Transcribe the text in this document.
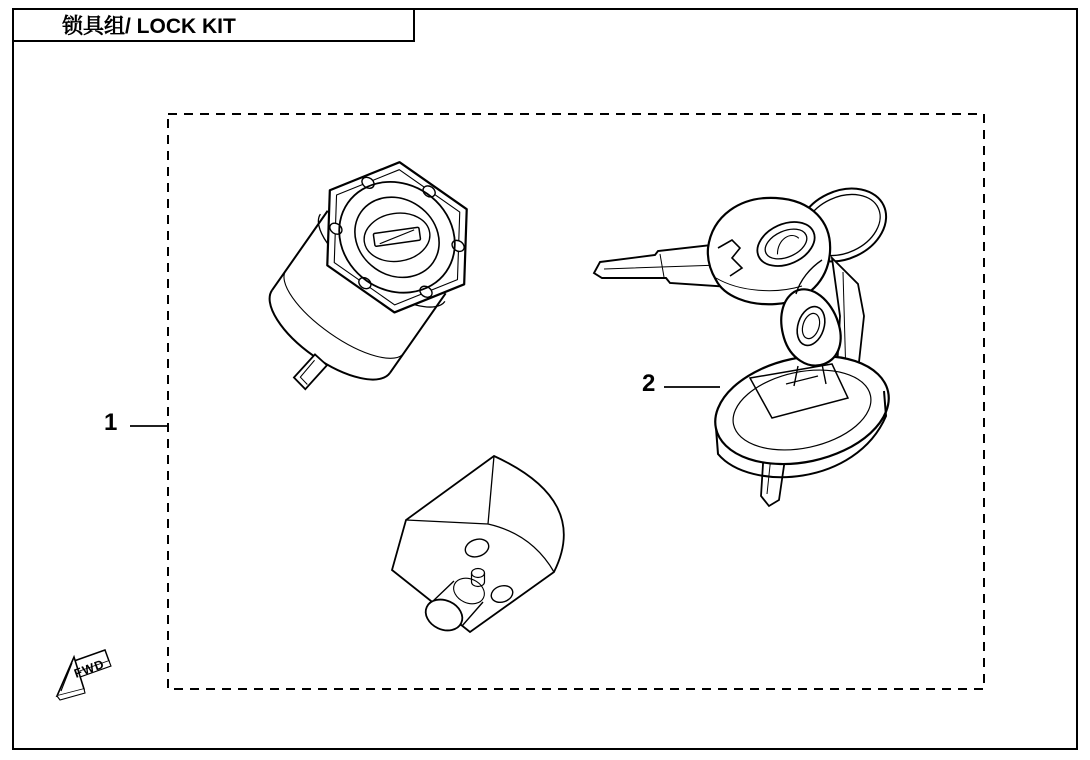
锁具组/ LOCK KIT
FWD
1
2
